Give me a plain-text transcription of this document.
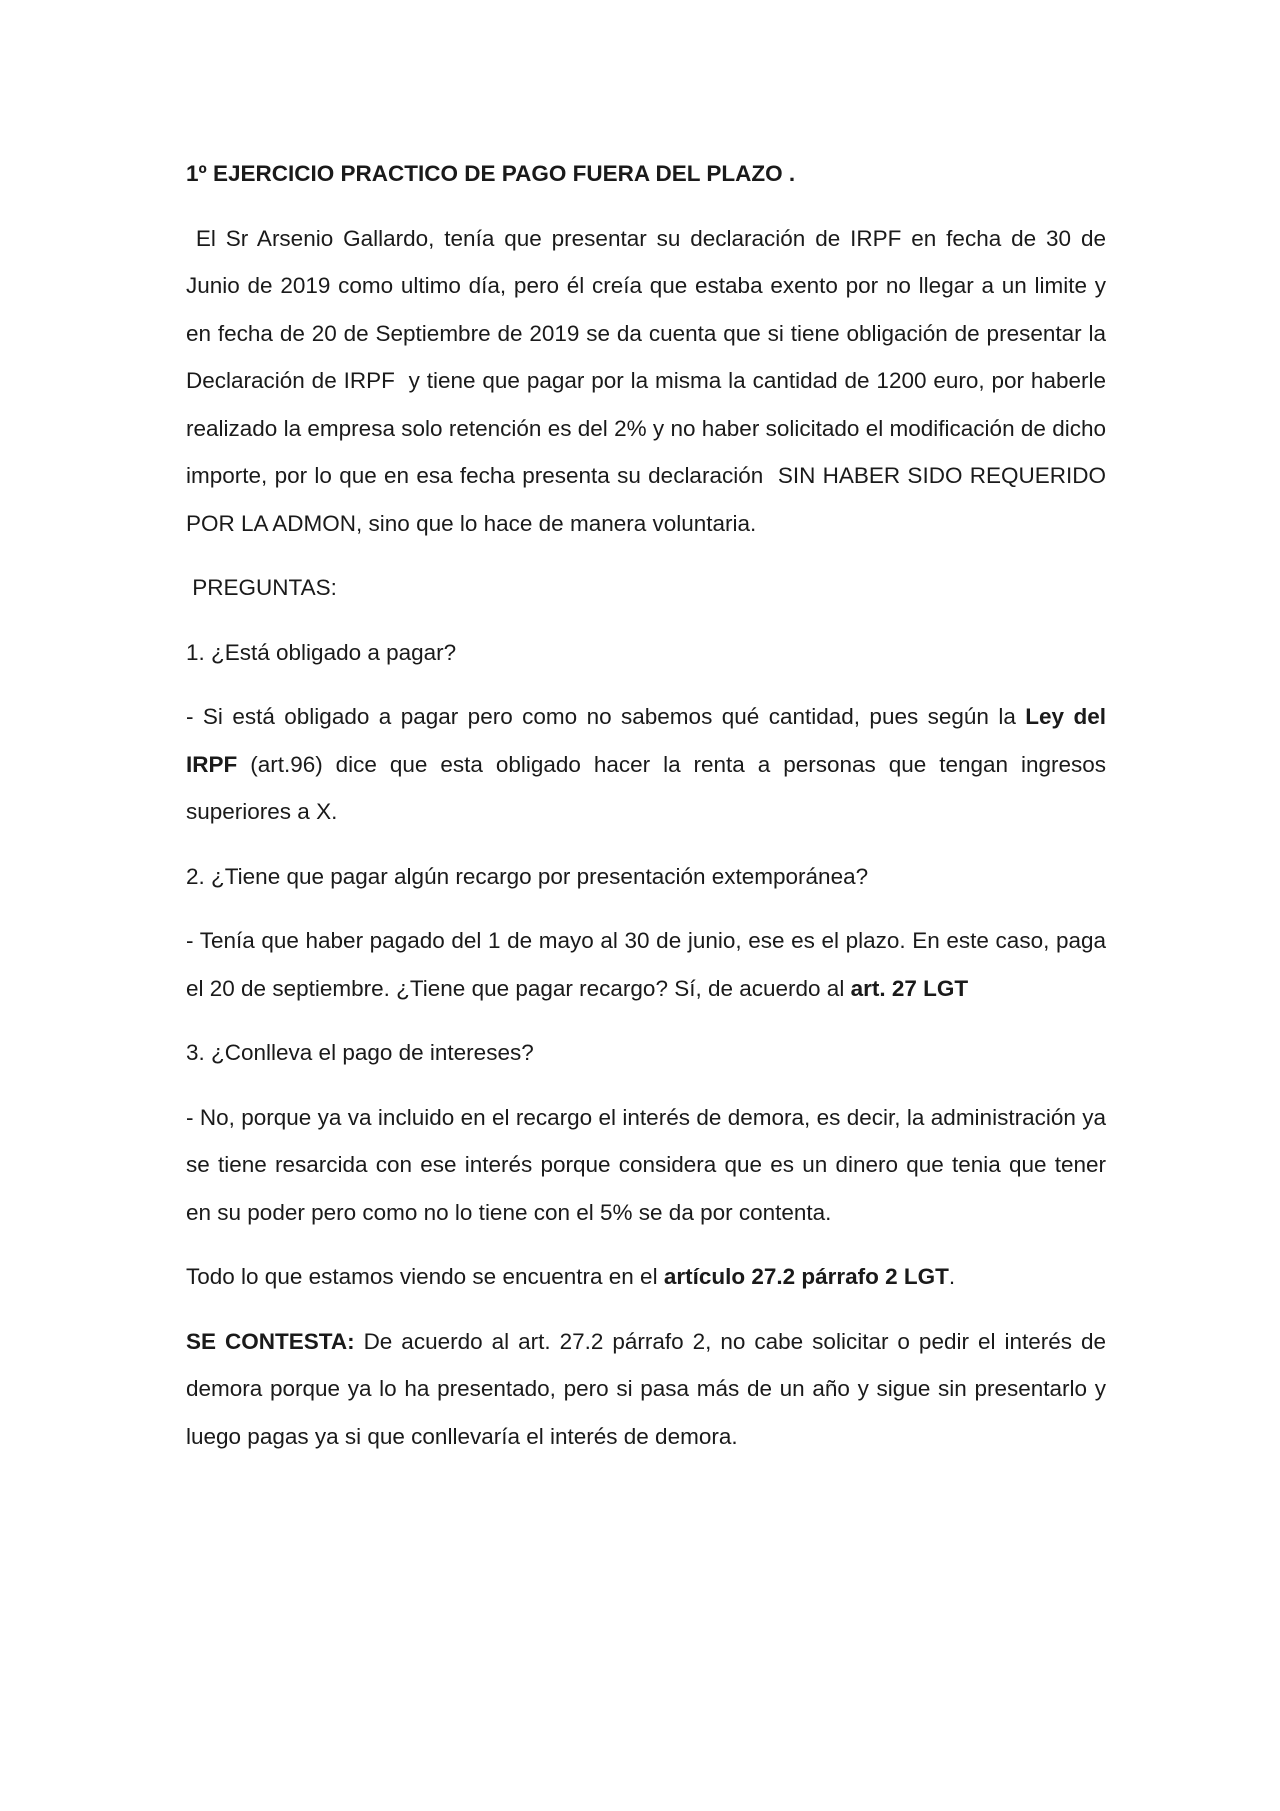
1º EJERCICIO PRACTICO DE PAGO FUERA DEL PLAZO .

El Sr Arsenio Gallardo, tenía que presentar su declaración de IRPF en fecha de 30 de Junio de 2019 como ultimo día, pero él creía que estaba exento por no llegar a un limite y en fecha de 20 de Septiembre de 2019 se da cuenta que si tiene obligación de presentar la Declaración de IRPF  y tiene que pagar por la misma la cantidad de 1200 euro, por haberle realizado la empresa solo retención es del 2% y no haber solicitado el modificación de dicho importe, por lo que en esa fecha presenta su declaración  SIN HABER SIDO REQUERIDO POR LA ADMON, sino que lo hace de manera voluntaria.

PREGUNTAS:

1. ¿Está obligado a pagar?

- Si está obligado a pagar pero como no sabemos qué cantidad, pues según la Ley del IRPF (art.96) dice que esta obligado hacer la renta a personas que tengan ingresos superiores a X.

2. ¿Tiene que pagar algún recargo por presentación extemporánea?

- Tenía que haber pagado del 1 de mayo al 30 de junio, ese es el plazo. En este caso, paga el 20 de septiembre. ¿Tiene que pagar recargo? Sí, de acuerdo al art. 27 LGT

3. ¿Conlleva el pago de intereses?

- No, porque ya va incluido en el recargo el interés de demora, es decir, la administración ya se tiene resarcida con ese interés porque considera que es un dinero que tenia que tener en su poder pero como no lo tiene con el 5% se da por contenta.

Todo lo que estamos viendo se encuentra en el artículo 27.2 párrafo 2 LGT.

SE CONTESTA: De acuerdo al art. 27.2 párrafo 2, no cabe solicitar o pedir el interés de demora porque ya lo ha presentado, pero si pasa más de un año y sigue sin presentarlo y luego pagas ya si que conllevaría el interés de demora.
